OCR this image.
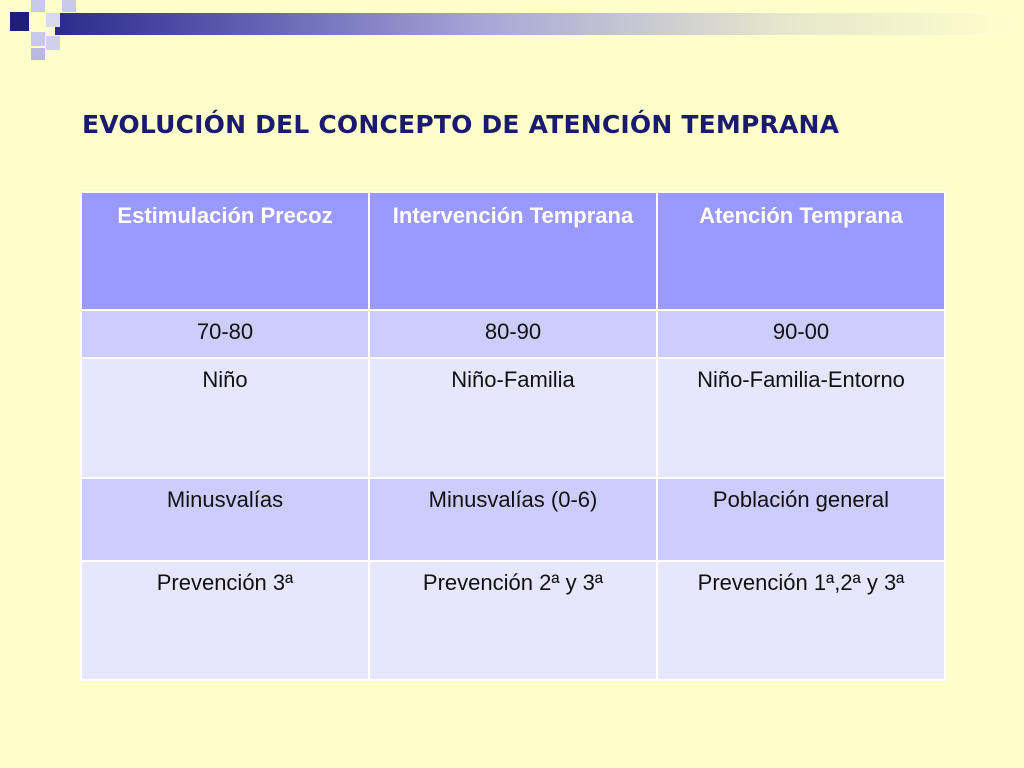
EVOLUCIÓN DEL CONCEPTO DE ATENCIÓN TEMPRANA
Estimulación Precoz	Intervención Temprana	Atención Temprana
70-80	80-90	90-00
Niño	Niño-Familia	Niño-Familia-Entorno
Minusvalías	Minusvalías (0-6)	Población general
Prevención 3ª	Prevención 2ª y 3ª	Prevención 1ª,2ª y 3ª
